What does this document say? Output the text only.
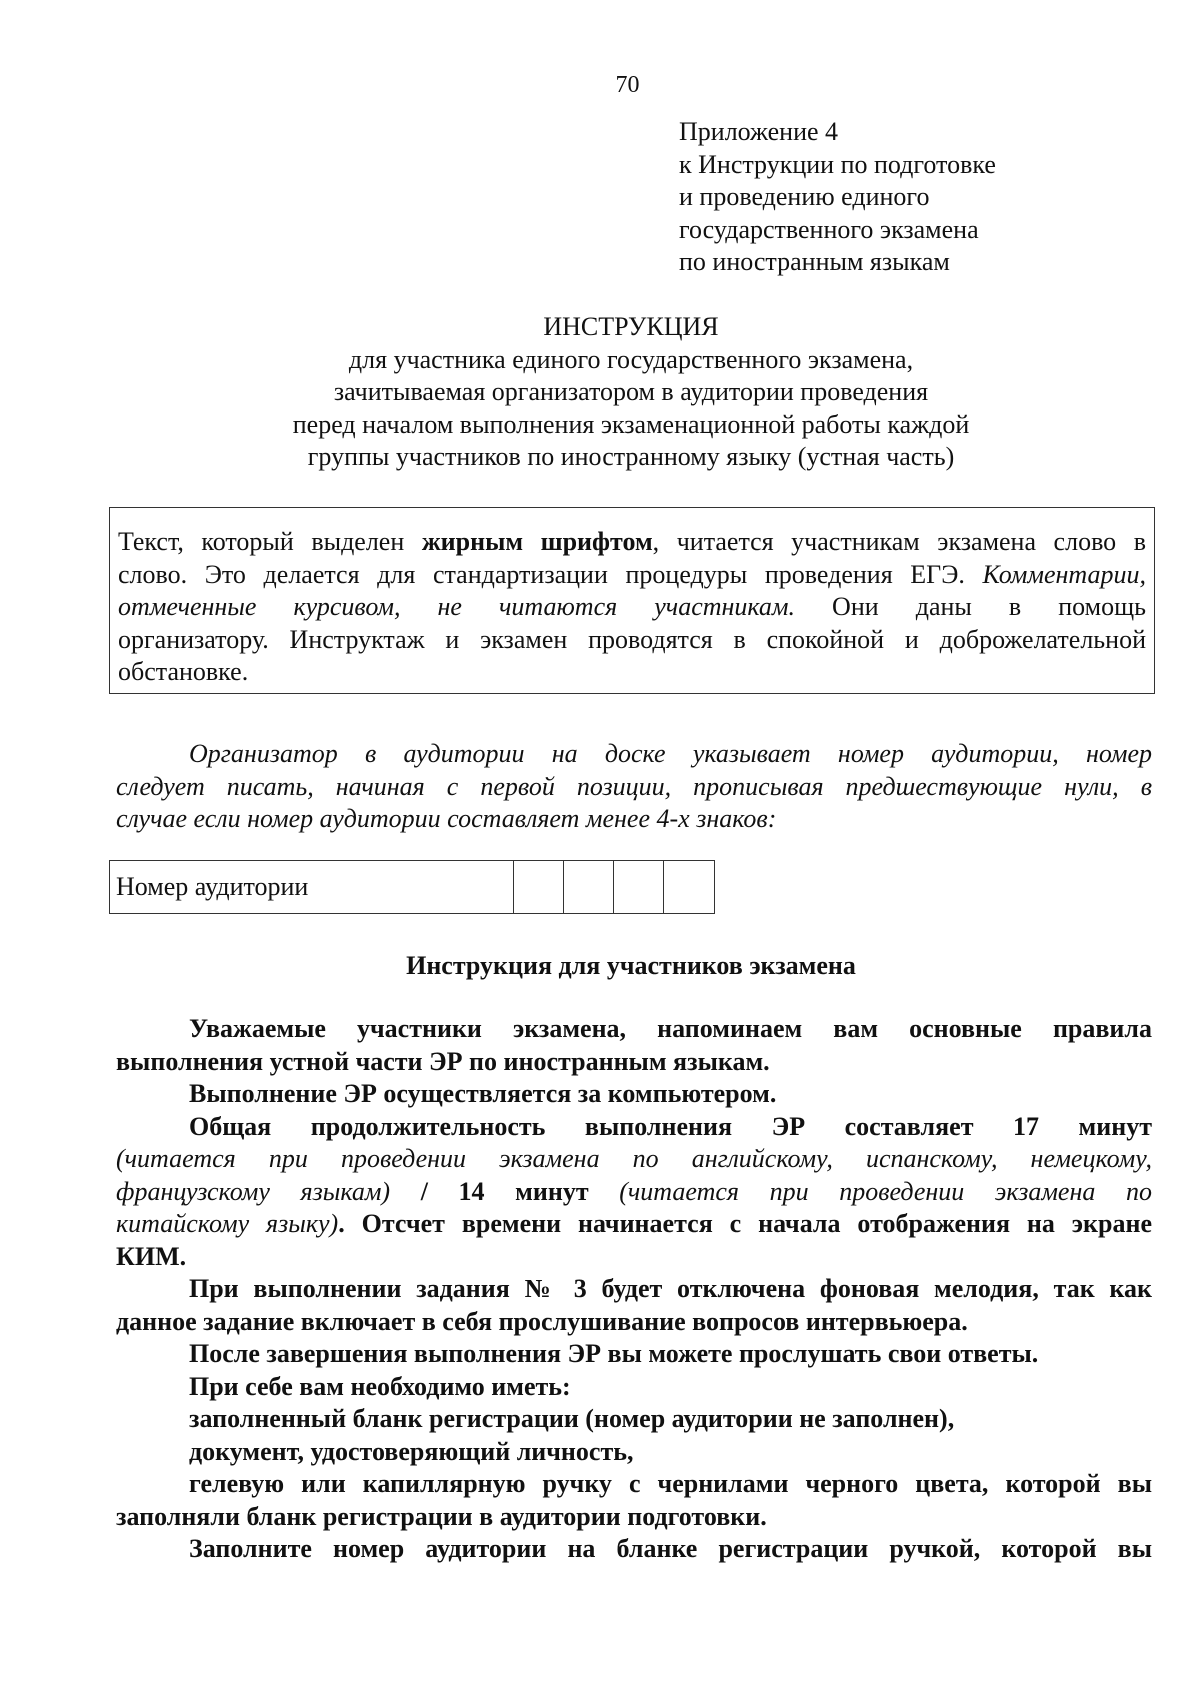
70
Приложение 4
к Инструкции по подготовке
и проведению единого
государственного экзамена
по иностранным языкам
ИНСТРУКЦИЯ
для участника единого государственного экзамена,
зачитываемая организатором в аудитории проведения
перед началом выполнения экзаменационной работы каждой
группы участников по иностранному языку (устная часть)
Текст, который выделен жирным шрифтом, читается участникам экзамена слово в
слово. Это делается для стандартизации процедуры проведения ЕГЭ. Комментарии,
отмеченные курсивом, не читаются участникам. Они даны в помощь
организатору. Инструктаж и экзамен проводятся в спокойной и доброжелательной
обстановке.
Организатор в аудитории на доске указывает номер аудитории, номер
следует писать, начиная с первой позиции, прописывая предшествующие нули, в
случае если номер аудитории составляет менее 4-х знаков:
Номер аудитории
Инструкция для участников экзамена
Уважаемые участники экзамена, напоминаем вам основные правила
выполнения устной части ЭР по иностранным языкам.
Выполнение ЭР осуществляется за компьютером.
Общая продолжительность выполнения ЭР составляет 17 минут
(читается при проведении экзамена по английскому, испанскому, немецкому,
французскому языкам) / 14 минут (читается при проведении экзамена по
китайскому языку). Отсчет времени начинается с начала отображения на экране
КИМ.
При выполнении задания № 3 будет отключена фоновая мелодия, так как
данное задание включает в себя прослушивание вопросов интервьюера.
После завершения выполнения ЭР вы можете прослушать свои ответы.
При себе вам необходимо иметь:
заполненный бланк регистрации (номер аудитории не заполнен),
документ, удостоверяющий личность,
гелевую или капиллярную ручку с чернилами черного цвета, которой вы
заполняли бланк регистрации в аудитории подготовки.
Заполните номер аудитории на бланке регистрации ручкой, которой вы
